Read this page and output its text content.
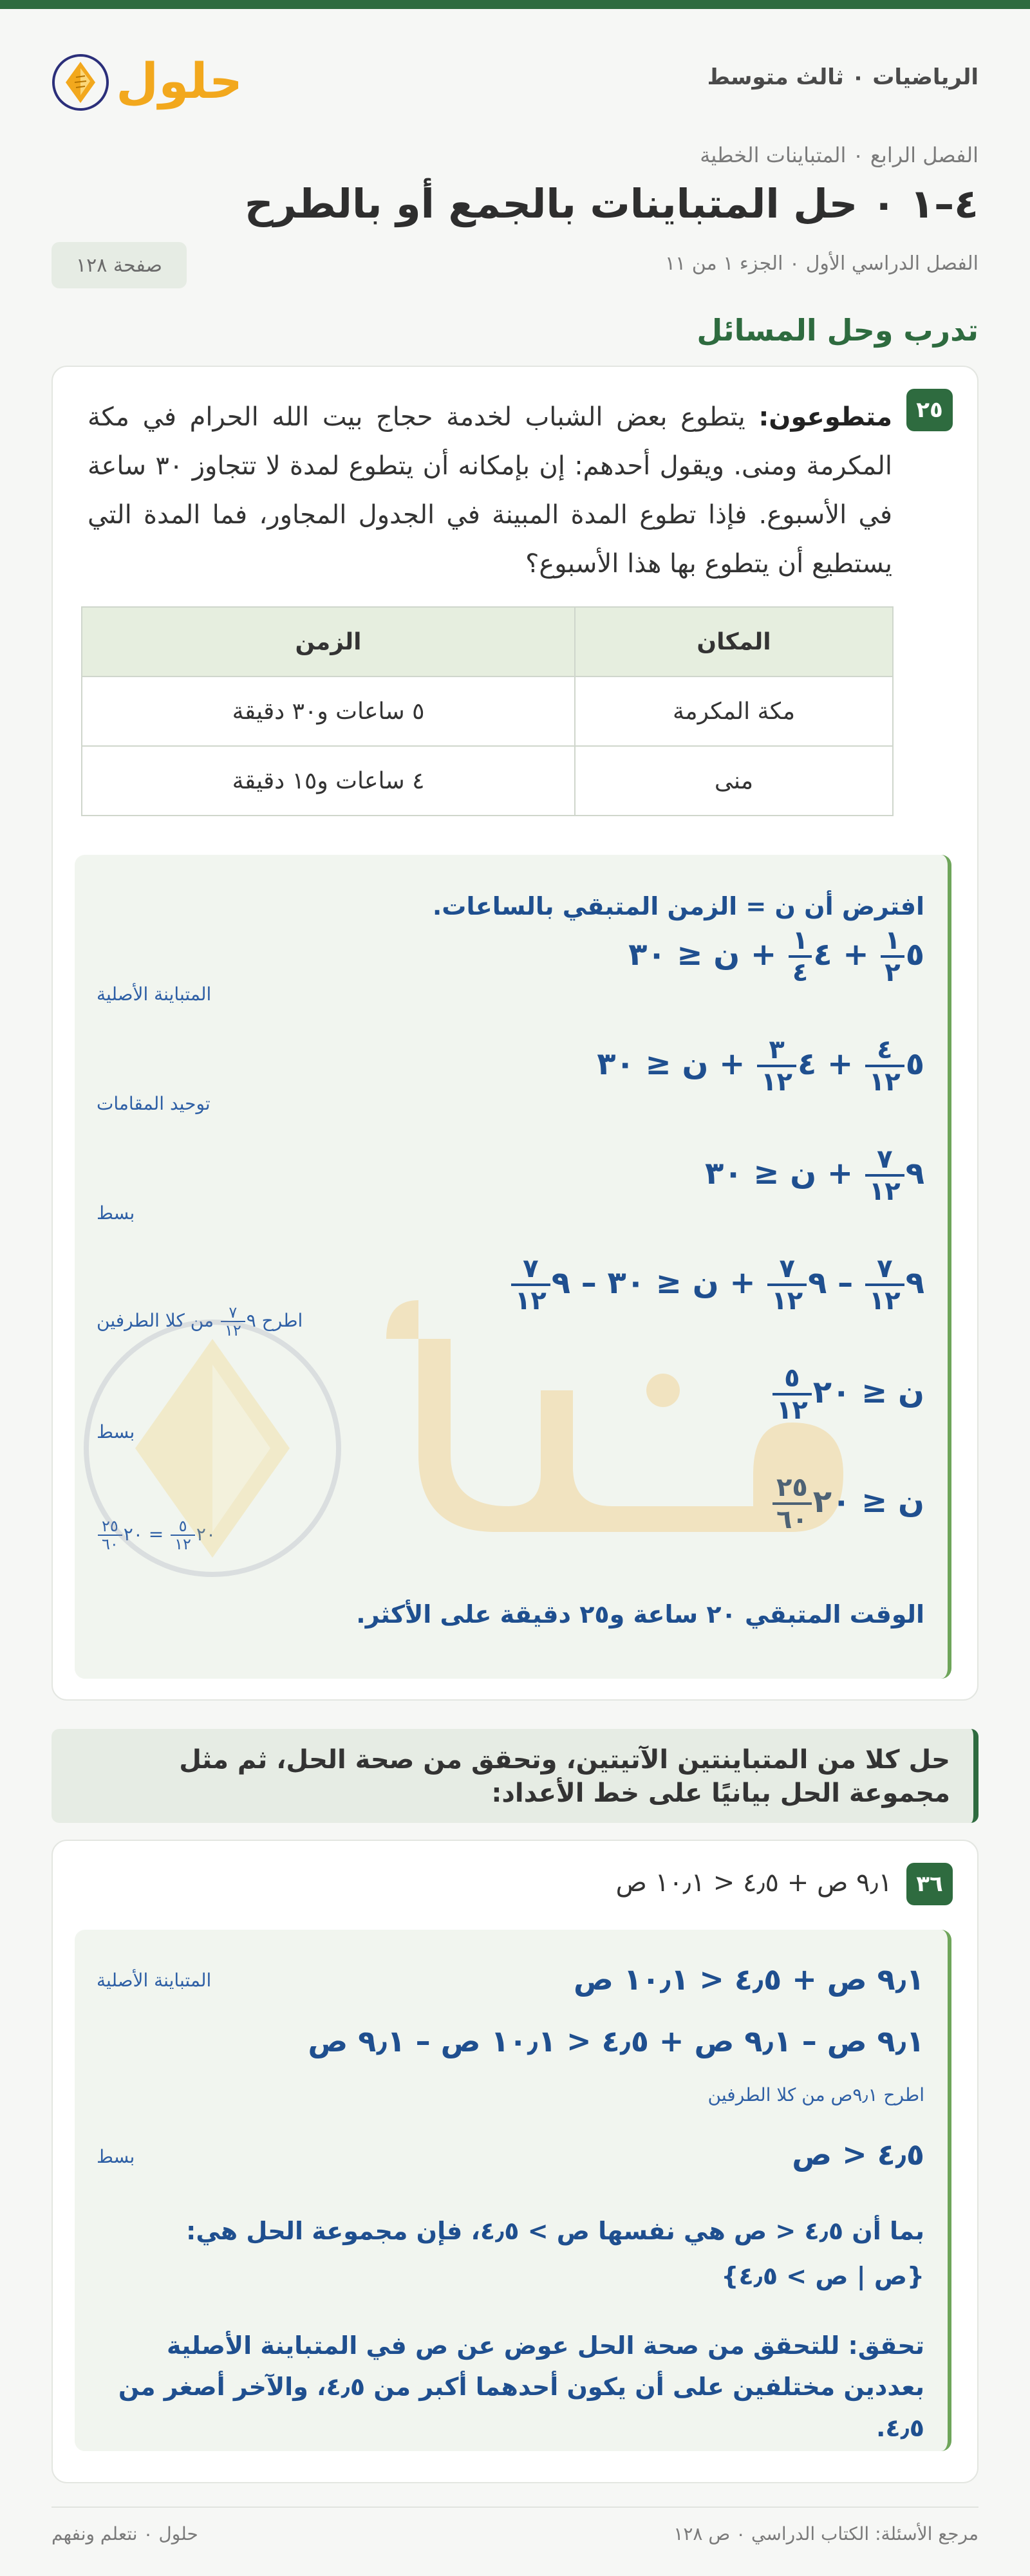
الرياضيات ٠ ثالث متوسط
حلول
الفصل الرابع ٠ المتباينات الخطية
٤–١ ٠ حل المتباينات بالجمع أو بالطرح
الفصل الدراسي الأول ٠ الجزء ١ من ١١
صفحة ١٢٨
تدرب وحل المسائل
٢٥
متطوعون: يتطوع بعض الشباب لخدمة حجاج بيت الله الحرام في مكة المكرمة ومنى. ويقول أحدهم: إن بإمكانه أن يتطوع لمدة لا تتجاوز ٣٠ ساعة في الأسبوع. فإذا تطوع المدة المبينة في الجدول المجاور، فما المدة التي يستطيع أن يتطوع بها هذا الأسبوع؟
المكان	الزمن
مكة المكرمة	٥ ساعات و٣٠ دقيقة
منى	٤ ساعات و١٥ دقيقة
افترض أن ن = الزمن المتبقي بالساعات.
٥
$\frac{١}{٢}$
+ ٤
$\frac{١}{٤}$
+ ن ≤ ٣٠
المتباينة الأصلية
٥
$\frac{٤}{١٢}$
+ ٤
$\frac{٣}{١٢}$
+ ن ≤ ٣٠
توحيد المقامات
٩
$\frac{٧}{١٢}$
+ ن ≤ ٣٠
بسط
٩
$\frac{٧}{١٢}$
– ٩
$\frac{٧}{١٢}$
+ ن ≤ ٣٠ – ٩
$\frac{٧}{١٢}$
اطرح ٩
$\frac{٧}{١٢}$
من كلا الطرفين
ن ≤ ٢٠
$\frac{٥}{١٢}$
بسط
ن ≤ ٢٠
$\frac{٢٥}{٦٠}$
٢٠
$\frac{٥}{١٢}$
= ٢٠
$\frac{٢٥}{٦٠}$
الوقت المتبقي ٢٠ ساعة و٢٥ دقيقة على الأكثر.
حل كلا من المتباينتين الآتيتين، وتحقق من صحة الحل، ثم مثل مجموعة الحل بيانيًا على خط الأعداد:
٣٦
٩٫١ ص + ٤٫٥ < ١٠٫١ ص
٩٫١ ص + ٤٫٥ < ١٠٫١ ص
المتباينة الأصلية
٩٫١ ص – ٩٫١ ص + ٤٫٥ < ١٠٫١ ص – ٩٫١ ص
اطرح ٩٫١ص من كلا الطرفين
٤٫٥ < ص
بسط
بما أن ٤٫٥ < ص هي نفسها ص > ٤٫٥، فإن مجموعة الحل هي:
{ص | ص > ٤٫٥}
تحقق: للتحقق من صحة الحل عوض عن ص في المتباينة الأصلية بعددين مختلفين على أن يكون أحدهما أكبر من ٤٫٥، والآخر أصغر من ٤٫٥.
مرجع الأسئلة: الكتاب الدراسي ٠ ص ١٢٨
حلول ٠ نتعلم ونفهم
